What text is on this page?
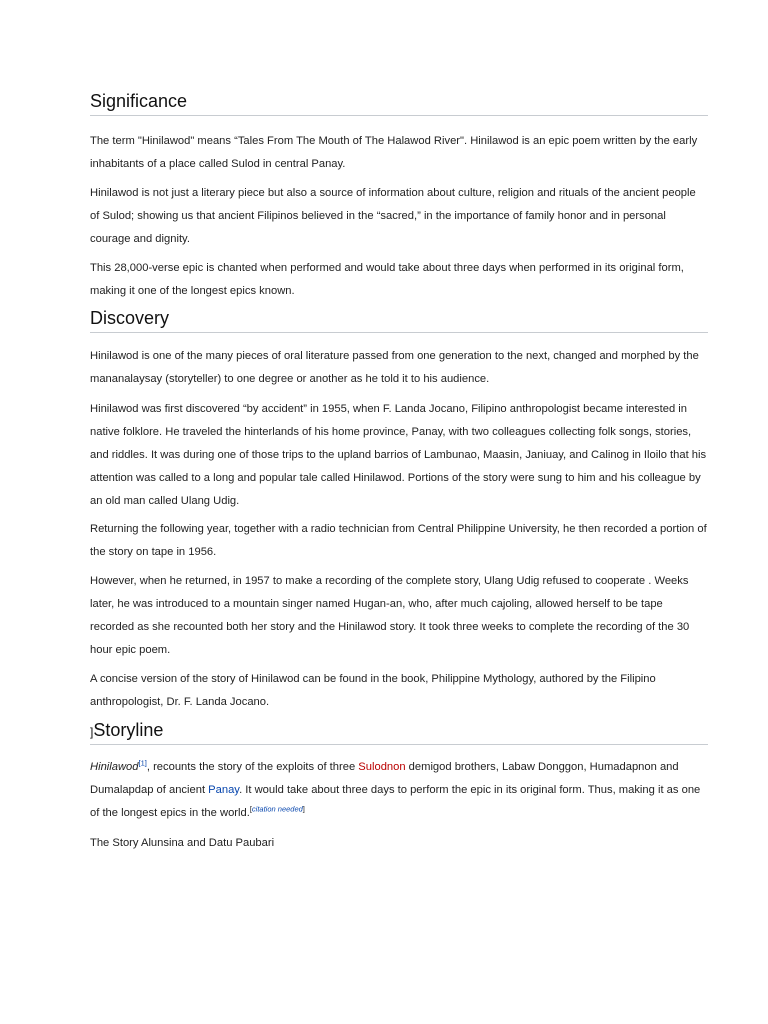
Significance

The term "Hinilawod" means “Tales From The Mouth of The Halawod River". Hinilawod is an epic poem written by the early inhabitants of a place called Sulod in central Panay.

Hinilawod is not just a literary piece but also a source of information about culture, religion and rituals of the ancient people of Sulod; showing us that ancient Filipinos believed in the “sacred,” in the importance of family honor and in personal courage and dignity.

This 28,000-verse epic is chanted when performed and would take about three days when performed in its original form, making it one of the longest epics known.

Discovery

Hinilawod is one of the many pieces of oral literature passed from one generation to the next, changed and morphed by the mananalaysay (storyteller) to one degree or another as he told it to his audience.

Hinilawod was first discovered “by accident” in 1955, when F. Landa Jocano, Filipino anthropologist became interested in native folklore. He traveled the hinterlands of his home province, Panay, with two colleagues collecting folk songs, stories, and riddles. It was during one of those trips to the upland barrios of Lambunao, Maasin, Janiuay, and Calinog in Iloilo that his attention was called to a long and popular tale called Hinilawod. Portions of the story were sung to him and his colleague by an old man called Ulang Udig.

Returning the following year, together with a radio technician from Central Philippine University, he then recorded a portion of the story on tape in 1956.

However, when he returned, in 1957 to make a recording of the complete story, Ulang Udig refused to cooperate . Weeks later, he was introduced to a mountain singer named Hugan-an, who, after much cajoling, allowed herself to be tape recorded as she recounted both her story and the Hinilawod story. It took three weeks to complete the recording of the 30 hour epic poem.

A concise version of the story of Hinilawod can be found in the book, Philippine Mythology, authored by the Filipino anthropologist, Dr. F. Landa Jocano.

]Storyline

Hinilawod[1], recounts the story of the exploits of three Sulodnon demigod brothers, Labaw Donggon, Humadapnon and Dumalapdap of ancient Panay. It would take about three days to perform the epic in its original form. Thus, making it as one of the longest epics in the world.[citation needed]

The Story Alunsina and Datu Paubari
